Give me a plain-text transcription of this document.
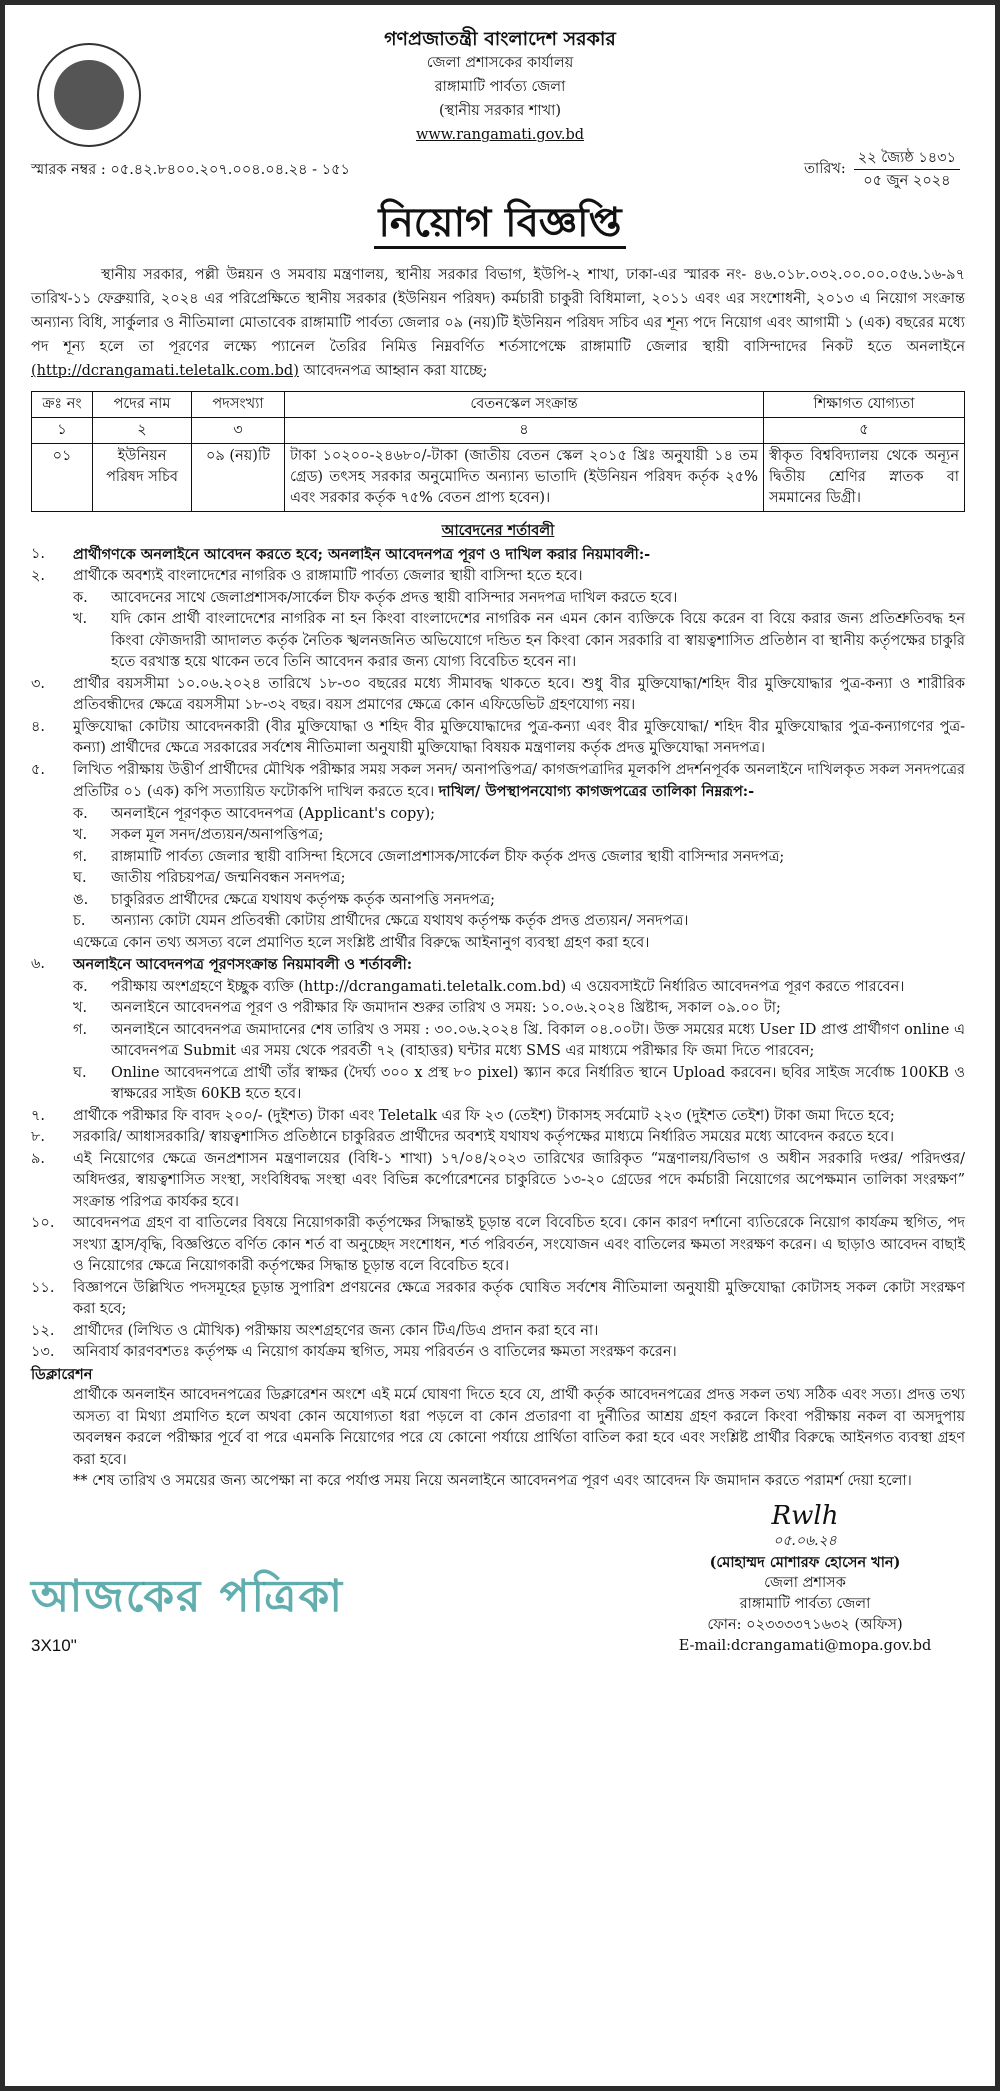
গণপ্রজাতন্ত্রী বাংলাদেশ সরকার
জেলা প্রশাসকের কার্যালয়
রাঙ্গামাটি পার্বত্য জেলা
(স্থানীয় সরকার শাখা)
www.rangamati.gov.bd
স্মারক নম্বর : ০৫.৪২.৮৪০০.২০৭.০০৪.০৪.২৪ - ১৫১	তারিখ: $\frac{\text{২২ জ্যৈষ্ঠ ১৪৩১}}{\text{০৫ জুন ২০২৪}}$
নিয়োগ বিজ্ঞপ্তি
স্থানীয় সরকার, পল্লী উন্নয়ন ও সমবায় মন্ত্রণালয়, স্থানীয় সরকার বিভাগ, ইউপি-২ শাখা, ঢাকা-এর স্মারক নং- ৪৬.০১৮.০৩২.০০.০০.০৫৬.১৬-৯৭ তারিখ-১১ ফেব্রুয়ারি, ২০২৪ এর পরিপ্রেক্ষিতে স্থানীয় সরকার (ইউনিয়ন পরিষদ) কর্মচারী চাকুরী বিধিমালা, ২০১১ এবং এর সংশোধনী, ২০১৩ এ নিয়োগ সংক্রান্ত অন্যান্য বিধি, সার্কুলার ও নীতিমালা মোতাবেক রাঙ্গামাটি পার্বত্য জেলার ০৯ (নয়)টি ইউনিয়ন পরিষদ সচিব এর শূন্য পদে নিয়োগ এবং আগামী ১ (এক) বছরের মধ্যে পদ শূন্য হলে তা পূরণের লক্ষ্যে প্যানেল তৈরির নিমিত্ত নিম্নবর্ণিত শর্তসাপেক্ষে রাঙ্গামাটি জেলার স্থায়ী বাসিন্দাদের নিকট হতে অনলাইনে (http://dcrangamati.teletalk.com.bd) আবেদনপত্র আহ্বান করা যাচ্ছে;
ক্রঃ নং	পদের নাম	পদসংখ্যা	বেতনস্কেল সংক্রান্ত	শিক্ষাগত যোগ্যতা
১	২	৩	৪	৫
০১	ইউনিয়ন পরিষদ সচিব	০৯ (নয়)টি	টাকা ১০২০০-২৪৬৮০/-টাকা (জাতীয় বেতন স্কেল ২০১৫ খ্রিঃ অনুযায়ী ১৪ তম গ্রেড) তৎসহ সরকার অনুমোদিত অন্যান্য ভাতাদি (ইউনিয়ন পরিষদ কর্তৃক ২৫% এবং সরকার কর্তৃক ৭৫% বেতন প্রাপ্য হবেন)।	স্বীকৃত বিশ্ববিদ্যালয় থেকে অন্যূন দ্বিতীয় শ্রেণির স্নাতক বা সমমানের ডিগ্রী।
আবেদনের শর্তাবলী
১.	প্রার্থীগণকে অনলাইনে আবেদন করতে হবে; অনলাইন আবেদনপত্র পূরণ ও দাখিল করার নিয়মাবলী:-
২.	প্রার্থীকে অবশ্যই বাংলাদেশের নাগরিক ও রাঙ্গামাটি পার্বত্য জেলার স্থায়ী বাসিন্দা হতে হবে।
ক.	আবেদনের সাথে জেলাপ্রশাসক/সার্কেল চীফ কর্তৃক প্রদত্ত স্থায়ী বাসিন্দার সনদপত্র দাখিল করতে হবে।
খ.	যদি কোন প্রার্থী বাংলাদেশের নাগরিক না হন কিংবা বাংলাদেশের নাগরিক নন এমন কোন ব্যক্তিকে বিয়ে করেন বা বিয়ে করার জন্য প্রতিশ্রুতিবদ্ধ হন কিংবা ফৌজদারী আদালত কর্তৃক নৈতিক স্খলনজনিত অভিযোগে দন্ডিত হন কিংবা কোন সরকারি বা স্বায়ত্বশাসিত প্রতিষ্ঠান বা স্থানীয় কর্তৃপক্ষের চাকুরি হতে বরখাস্ত হয়ে থাকেন তবে তিনি আবেদন করার জন্য যোগ্য বিবেচিত হবেন না।
৩.	প্রার্থীর বয়সসীমা ১০.০৬.২০২৪ তারিখে ১৮-৩০ বছরের মধ্যে সীমাবদ্ধ থাকতে হবে। শুধু বীর মুক্তিযোদ্ধা/শহিদ বীর মুক্তিযোদ্ধার পুত্র-কন্যা ও শারীরিক প্রতিবন্ধীদের ক্ষেত্রে বয়সসীমা ১৮-৩২ বছর। বয়স প্রমাণের ক্ষেত্রে কোন এফিডেভিট গ্রহণযোগ্য নয়।
৪.	মুক্তিযোদ্ধা কোটায় আবেদনকারী (বীর মুক্তিযোদ্ধা ও শহিদ বীর মুক্তিযোদ্ধাদের পুত্র-কন্যা এবং বীর মুক্তিযোদ্ধা/ শহিদ বীর মুক্তিযোদ্ধার পুত্র-কন্যাগণের পুত্র-কন্যা) প্রার্থীদের ক্ষেত্রে সরকারের সর্বশেষ নীতিমালা অনুযায়ী মুক্তিযোদ্ধা বিষয়ক মন্ত্রণালয় কর্তৃক প্রদত্ত মুক্তিযোদ্ধা সনদপত্র।
৫.	লিখিত পরীক্ষায় উত্তীর্ণ প্রার্থীদের মৌখিক পরীক্ষার সময় সকল সনদ/ অনাপত্তিপত্র/ কাগজপত্রাদির মূলকপি প্রদর্শনপূর্বক অনলাইনে দাখিলকৃত সকল সনদপত্রের প্রতিটির ০১ (এক) কপি সত্যায়িত ফটোকপি দাখিল করতে হবে। দাখিল/ উপস্থাপনযোগ্য কাগজপত্রের তালিকা নিম্নরূপ:-
ক.	অনলাইনে পূরণকৃত আবেদনপত্র (Applicant's copy);
খ.	সকল মূল সনদ/প্রত্যয়ন/অনাপত্তিপত্র;
গ.	রাঙ্গামাটি পার্বত্য জেলার স্থায়ী বাসিন্দা হিসেবে জেলাপ্রশাসক/সার্কেল চীফ কর্তৃক প্রদত্ত জেলার স্থায়ী বাসিন্দার সনদপত্র;
ঘ.	জাতীয় পরিচয়পত্র/ জন্মনিবন্ধন সনদপত্র;
ঙ.	চাকুরিরত প্রার্থীদের ক্ষেত্রে যথাযথ কর্তৃপক্ষ কর্তৃক অনাপত্তি সনদপত্র;
চ.	অন্যান্য কোটা যেমন প্রতিবন্ধী কোটায় প্রার্থীদের ক্ষেত্রে যথাযথ কর্তৃপক্ষ কর্তৃক প্রদত্ত প্রত্যয়ন/ সনদপত্র।
এক্ষেত্রে কোন তথ্য অসত্য বলে প্রমাণিত হলে সংশ্লিষ্ট প্রার্থীর বিরুদ্ধে আইনানুগ ব্যবস্থা গ্রহণ করা হবে।
৬.	অনলাইনে আবেদনপত্র পূরণসংক্রান্ত নিয়মাবলী ও শর্তাবলী:
ক.	পরীক্ষায় অংশগ্রহণে ইচ্ছুক ব্যক্তি (http://dcrangamati.teletalk.com.bd) এ ওয়েবসাইটে নির্ধারিত আবেদনপত্র পূরণ করতে পারবেন।
খ.	অনলাইনে আবেদনপত্র পূরণ ও পরীক্ষার ফি জমাদান শুরুর তারিখ ও সময়: ১০.০৬.২০২৪ খ্রিষ্টাব্দ, সকাল ০৯.০০ টা;
গ.	অনলাইনে আবেদনপত্র জমাদানের শেষ তারিখ ও সময় : ৩০.০৬.২০২৪ খ্রি. বিকাল ০৪.০০টা। উক্ত সময়ের মধ্যে User ID প্রাপ্ত প্রার্থীগণ online এ আবেদনপত্র Submit এর সময় থেকে পরবর্তী ৭২ (বাহাত্তর) ঘন্টার মধ্যে SMS এর মাধ্যমে পরীক্ষার ফি জমা দিতে পারবেন;
ঘ.	Online আবেদনপত্রে প্রার্থী তাঁর স্বাক্ষর (দৈর্ঘ্য ৩০০ x প্রস্থ ৮০ pixel) স্ক্যান করে নির্ধারিত স্থানে Upload করবেন। ছবির সাইজ সর্বোচ্চ 100KB ও স্বাক্ষরের সাইজ 60KB হতে হবে।
৭.	প্রার্থীকে পরীক্ষার ফি বাবদ ২০০/- (দুইশত) টাকা এবং Teletalk এর ফি ২৩ (তেইশ) টাকাসহ সর্বমোট ২২৩ (দুইশত তেইশ) টাকা জমা দিতে হবে;
৮.	সরকারি/ আধাসরকারি/ স্বায়ত্বশাসিত প্রতিষ্ঠানে চাকুরিরত প্রার্থীদের অবশ্যই যথাযথ কর্তৃপক্ষের মাধ্যমে নির্ধারিত সময়ের মধ্যে আবেদন করতে হবে।
৯.	এই নিয়োগের ক্ষেত্রে জনপ্রশাসন মন্ত্রণালয়ের (বিধি-১ শাখা) ১৭/০৪/২০২৩ তারিখের জারিকৃত “মন্ত্রণালয়/বিভাগ ও অধীন সরকারি দপ্তর/ পরিদপ্তর/ অধিদপ্তর, স্বায়ত্বশাসিত সংস্থা, সংবিধিবদ্ধ সংস্থা এবং বিভিন্ন কর্পোরেশনের চাকুরিতে ১৩-২০ গ্রেডের পদে কর্মচারী নিয়োগের অপেক্ষমান তালিকা সংরক্ষণ” সংক্রান্ত পরিপত্র কার্যকর হবে।
১০.	আবেদনপত্র গ্রহণ বা বাতিলের বিষয়ে নিয়োগকারী কর্তৃপক্ষের সিদ্ধান্তই চূড়ান্ত বলে বিবেচিত হবে। কোন কারণ দর্শানো ব্যতিরেকে নিয়োগ কার্যক্রম স্থগিত, পদ সংখ্যা হ্রাস/বৃদ্ধি, বিজ্ঞপ্তিতে বর্ণিত কোন শর্ত বা অনুচ্ছেদ সংশোধন, শর্ত পরিবর্তন, সংযোজন এবং বাতিলের ক্ষমতা সংরক্ষণ করেন। এ ছাড়াও আবেদন বাছাই ও নিয়োগের ক্ষেত্রে নিয়োগকারী কর্তৃপক্ষের সিদ্ধান্ত চূড়ান্ত বলে বিবেচিত হবে।
১১.	বিজ্ঞাপনে উল্লিখিত পদসমূহের চূড়ান্ত সুপারিশ প্রণয়নের ক্ষেত্রে সরকার কর্তৃক ঘোষিত সর্বশেষ নীতিমালা অনুযায়ী মুক্তিযোদ্ধা কোটাসহ সকল কোটা সংরক্ষণ করা হবে;
১২.	প্রার্থীদের (লিখিত ও মৌখিক) পরীক্ষায় অংশগ্রহণের জন্য কোন টিএ/ডিএ প্রদান করা হবে না।
১৩.	অনিবার্য কারণবশতঃ কর্তৃপক্ষ এ নিয়োগ কার্যক্রম স্থগিত, সময় পরিবর্তন ও বাতিলের ক্ষমতা সংরক্ষণ করেন।
ডিক্লারেশন
প্রার্থীকে অনলাইন আবেদনপত্রের ডিক্লারেশন অংশে এই মর্মে ঘোষণা দিতে হবে যে, প্রার্থী কর্তৃক আবেদনপত্রের প্রদত্ত সকল তথ্য সঠিক এবং সত্য। প্রদত্ত তথ্য অসত্য বা মিথ্যা প্রমাণিত হলে অথবা কোন অযোগ্যতা ধরা পড়লে বা কোন প্রতারণা বা দুর্নীতির আশ্রয় গ্রহণ করলে কিংবা পরীক্ষায় নকল বা অসদুপায় অবলম্বন করলে পরীক্ষার পূর্বে বা পরে এমনকি নিয়োগের পরে যে কোনো পর্যায়ে প্রার্থিতা বাতিল করা হবে এবং সংশ্লিষ্ট প্রার্থীর বিরুদ্ধে আইনগত ব্যবস্থা গ্রহণ করা হবে।
** শেষ তারিখ ও সময়ের জন্য অপেক্ষা না করে পর্যাপ্ত সময় নিয়ে অনলাইনে আবেদনপত্র পূরণ এবং আবেদন ফি জমাদান করতে পরামর্শ দেয়া হলো।
আজকের পত্রিকা
3X10"
Rwlh
০৫.০৬.২৪
(মোহাম্মদ মোশারফ হোসেন খান)
জেলা প্রশাসক
রাঙ্গামাটি পার্বত্য জেলা
ফোন: ০২৩৩৩৩৭১৬৩২ (অফিস)
E-mail:dcrangamati@mopa.gov.bd
